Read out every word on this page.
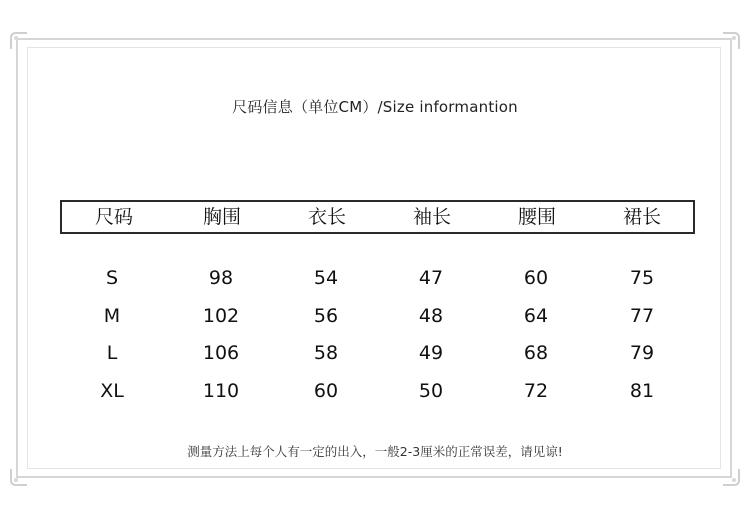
尺码信息（单位CM）/Size informantion
尺码	胸围	衣长	袖长	腰围	裙长
S	98	54	47	60	75
M	102	56	48	64	77
L	106	58	49	68	79
XL	110	60	50	72	81
测量方法上每个人有一定的出入，一般2-3厘米的正常误差，请见谅!
